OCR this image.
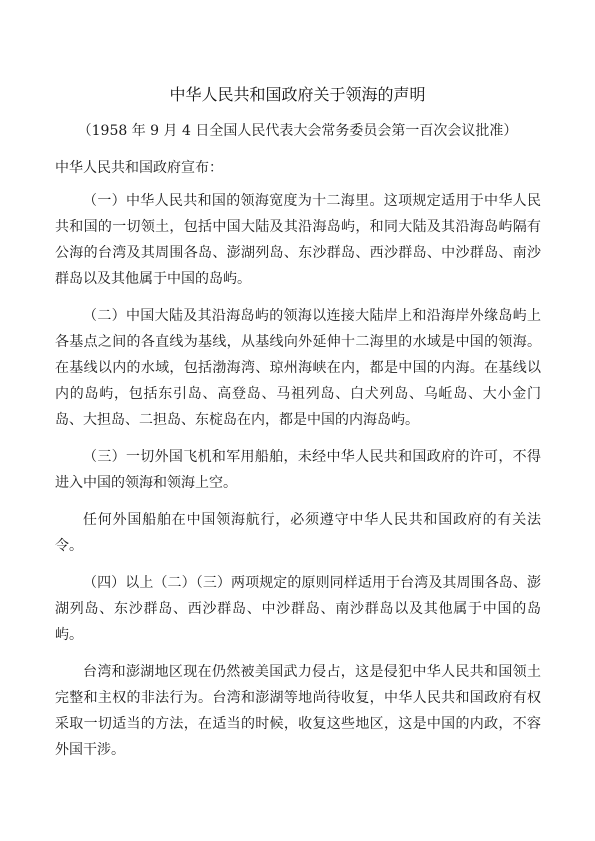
中华人民共和国政府关于领海的声明

（1958 年 9 月 4 日全国人民代表大会常务委员会第一百次会议批准）

中华人民共和国政府宣布：

（一）中华人民共和国的领海宽度为十二海里。这项规定适用于中华人民共和国的一切领土，包括中国大陆及其沿海岛屿，和同大陆及其沿海岛屿隔有公海的台湾及其周围各岛、澎湖列岛、东沙群岛、西沙群岛、中沙群岛、南沙群岛以及其他属于中国的岛屿。

（二）中国大陆及其沿海岛屿的领海以连接大陆岸上和沿海岸外缘岛屿上各基点之间的各直线为基线，从基线向外延伸十二海里的水域是中国的领海。在基线以内的水域，包括渤海湾、琼州海峡在内，都是中国的内海。在基线以内的岛屿，包括东引岛、高登岛、马祖列岛、白犬列岛、乌岴岛、大小金门岛、大担岛、二担岛、东椗岛在内，都是中国的内海岛屿。

（三）一切外国飞机和军用船舶，未经中华人民共和国政府的许可，不得进入中国的领海和领海上空。

任何外国船舶在中国领海航行，必须遵守中华人民共和国政府的有关法令。

（四）以上（二）（三）两项规定的原则同样适用于台湾及其周围各岛、澎湖列岛、东沙群岛、西沙群岛、中沙群岛、南沙群岛以及其他属于中国的岛屿。

台湾和澎湖地区现在仍然被美国武力侵占，这是侵犯中华人民共和国领土完整和主权的非法行为。台湾和澎湖等地尚待收复，中华人民共和国政府有权采取一切适当的方法，在适当的时候，收复这些地区，这是中国的内政，不容外国干涉。
